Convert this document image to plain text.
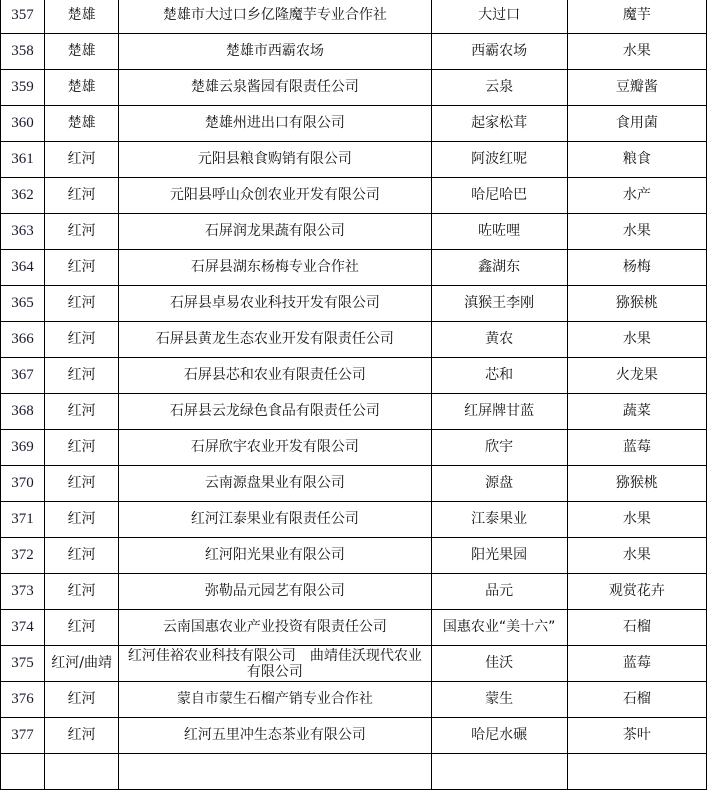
357	楚雄	楚雄市大过口乡亿隆魔芋专业合作社	大过口	魔芋
358	楚雄	楚雄市西霸农场	西霸农场	水果
359	楚雄	楚雄云泉酱园有限责任公司	云泉	豆瓣酱
360	楚雄	楚雄州进出口有限公司	起家松茸	食用菌
361	红河	元阳县粮食购销有限公司	阿波红呢	粮食
362	红河	元阳县呼山众创农业开发有限公司	哈尼哈巴	水产
363	红河	石屏润龙果蔬有限公司	咗咗哩	水果
364	红河	石屏县湖东杨梅专业合作社	鑫湖东	杨梅
365	红河	石屏县卓易农业科技开发有限公司	滇猴王李刚	猕猴桃
366	红河	石屏县黄龙生态农业开发有限责任公司	黄农	水果
367	红河	石屏县芯和农业有限责任公司	芯和	火龙果
368	红河	石屏县云龙绿色食品有限责任公司	红屏牌甘蓝	蔬菜
369	红河	石屏欣宇农业开发有限公司	欣宇	蓝莓
370	红河	云南源盘果业有限公司	源盘	猕猴桃
371	红河	红河江泰果业有限责任公司	江泰果业	水果
372	红河	红河阳光果业有限公司	阳光果园	水果
373	红河	弥勒品元园艺有限公司	品元	观赏花卉
374	红河	云南国惠农业产业投资有限责任公司	国惠农业“美十六”	石榴
375	红河/曲靖	红河佳裕农业科技有限公司　曲靖佳沃现代农业有限公司	佳沃	蓝莓
376	红河	蒙自市蒙生石榴产销专业合作社	蒙生	石榴
377	红河	红河五里冲生态茶业有限公司	哈尼水碾	茶叶
